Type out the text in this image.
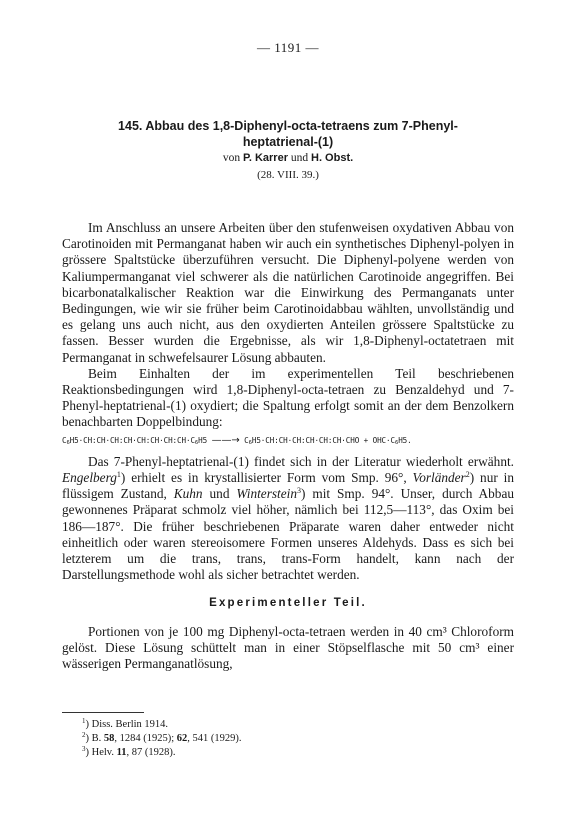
— 1191 —

145. Abbau des 1,8-Diphenyl-octa-tetraens zum 7-Phenyl-
heptatrienal-(1)

von P. Karrer und H. Obst.
(28. VIII. 39.)

Im Anschluss an unsere Arbeiten über den stufenweisen oxydativen Abbau von Carotinoiden mit Permanganat haben wir auch ein synthetisches Diphenyl-polyen in grössere Spaltstücke überzuführen versucht. Die Diphenyl-polyene werden von Kaliumpermanganat viel schwerer als die natürlichen Carotinoide angegriffen. Bei bicarbonatalkalischer Reaktion war die Einwirkung des Permanganats unter Bedingungen, wie wir sie früher beim Carotinoidabbau wählten, unvollständig und es gelang uns auch nicht, aus den oxydierten Anteilen grössere Spaltstücke zu fassen. Besser wurden die Ergebnisse, als wir 1,8-Diphenyl-octatetraen mit Permanganat in schwefelsaurer Lösung abbauten.

Beim Einhalten der im experimentellen Teil beschriebenen Reaktionsbedingungen wird 1,8-Diphenyl-octa-tetraen zu Benzaldehyd und 7-Phenyl-heptatrienal-(1) oxydiert; die Spaltung erfolgt somit an der dem Benzolkern benachbarten Doppelbindung:

$C_6H5\cdot CH:CH\cdot CH:CH\cdot CH:CH\cdot CH:CH\cdot C_6H5$ ——→ $C_6H5\cdot CH:CH\cdot CH:CH\cdot CH:CH\cdot CHO + OHC\cdot C_6H5$.

Das 7-Phenyl-heptatrienal-(1) findet sich in der Literatur wiederholt erwähnt. Engelberg$^1$) erhielt es in krystallisierter Form vom Smp. 96°, Vorländer$^2$) nur in flüssigem Zustand, Kuhn und Winterstein$^3$) mit Smp. 94°. Unser, durch Abbau gewonnenes Präparat schmolz viel höher, nämlich bei 112,5—113°, das Oxim bei 186—187°. Die früher beschriebenen Präparate waren daher entweder nicht einheitlich oder waren stereoisomere Formen unseres Aldehyds. Dass es sich bei letzterem um die trans, trans, trans-Form handelt, kann nach der Darstellungsmethode wohl als sicher betrachtet werden.

Experimenteller Teil.

Portionen von je 100 mg Diphenyl-octa-tetraen werden in 40 cm³ Chloroform gelöst. Diese Lösung schüttelt man in einer Stöpselflasche mit 50 cm³ einer wässerigen Permanganatlösung,

$^1$) Diss. Berlin 1914.
$^2$) B. 58, 1284 (1925); 62, 541 (1929).
$^3$) Helv. 11, 87 (1928).
